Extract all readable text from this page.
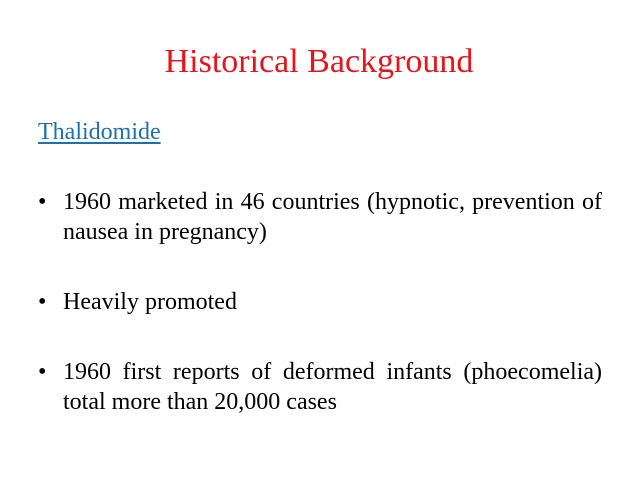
Historical Background
Thalidomide
• 1960 marketed in 46 countries (hypnotic, prevention of nausea in pregnancy)
• Heavily promoted
• 1960 first reports of deformed infants (phoecomelia) total more than 20,000 cases
